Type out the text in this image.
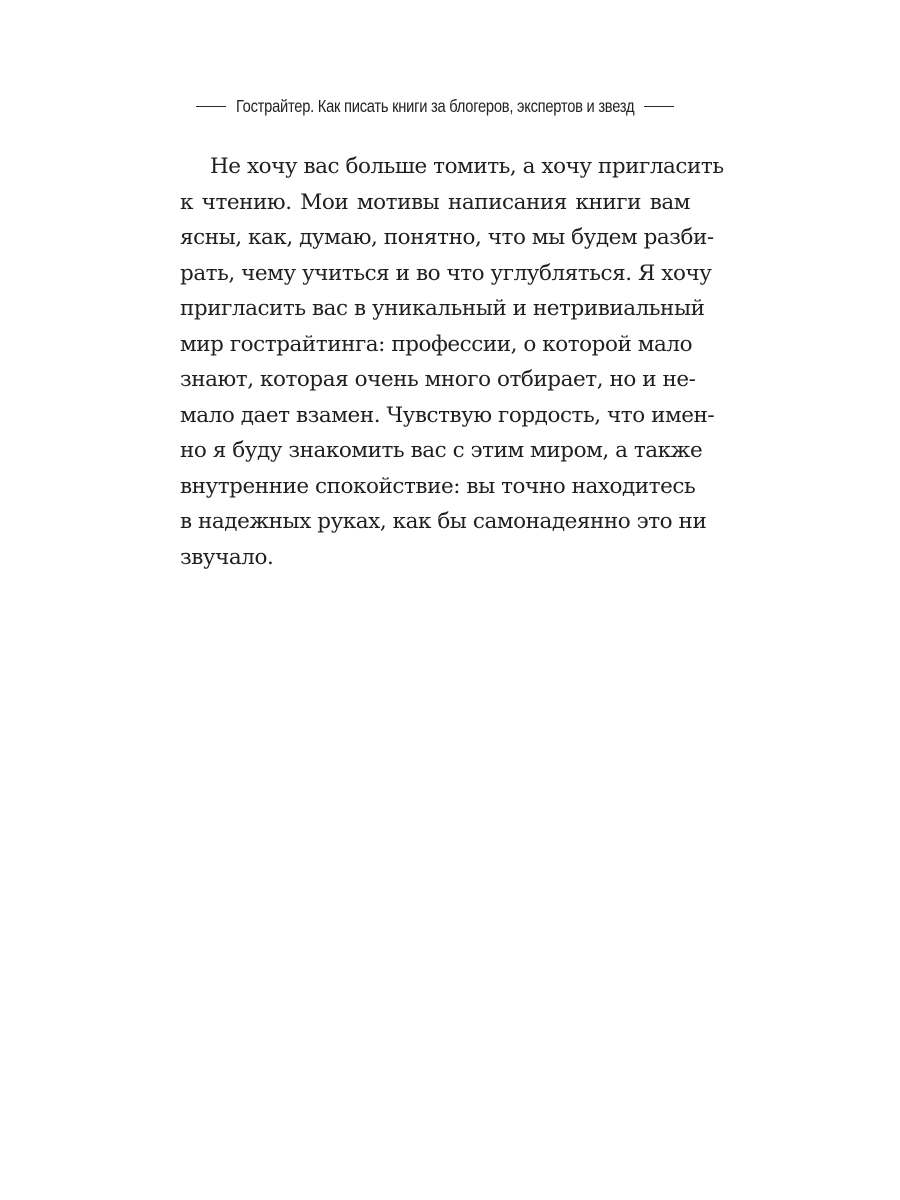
Гострайтер. Как писать книги за блогеров, экспертов и звезд
Не хочу вас больше томить, а хочу пригласить
к чтению. Мои мотивы написания книги вам
ясны, как, думаю, понятно, что мы будем разби-
рать, чему учиться и во что углубляться. Я хочу
пригласить вас в уникальный и нетривиальный
мир гострайтинга: профессии, о которой мало
знают, которая очень много отбирает, но и не-
мало дает взамен. Чувствую гордость, что имен-
но я буду знакомить вас с этим миром, а также
внутренние спокойствие: вы точно находитесь
в надежных руках, как бы самонадеянно это ни
звучало.
